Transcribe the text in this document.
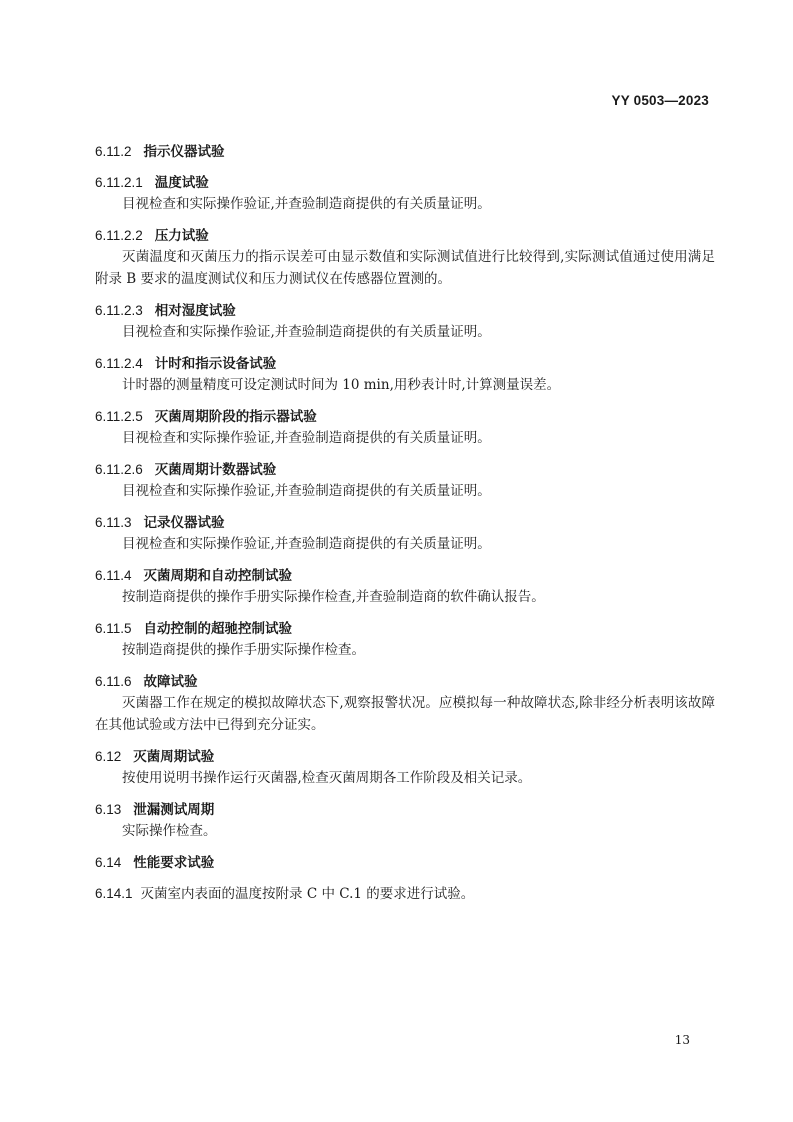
YY 0503—2023
6.11.2 指示仪器试验
6.11.2.1 温度试验

目视检查和实际操作验证,并查验制造商提供的有关质量证明。

6.11.2.2 压力试验

灭菌温度和灭菌压力的指示误差可由显示数值和实际测试值进行比较得到,实际测试值通过使用满足附录 B 要求的温度测试仪和压力测试仪在传感器位置测的。

6.11.2.3 相对湿度试验

目视检查和实际操作验证,并查验制造商提供的有关质量证明。

6.11.2.4 计时和指示设备试验

计时器的测量精度可设定测试时间为 10 min,用秒表计时,计算测量误差。

6.11.2.5 灭菌周期阶段的指示器试验

目视检查和实际操作验证,并查验制造商提供的有关质量证明。

6.11.2.6 灭菌周期计数器试验

目视检查和实际操作验证,并查验制造商提供的有关质量证明。

6.11.3 记录仪器试验

目视检查和实际操作验证,并查验制造商提供的有关质量证明。

6.11.4 灭菌周期和自动控制试验

按制造商提供的操作手册实际操作检查,并查验制造商的软件确认报告。

6.11.5 自动控制的超驰控制试验

按制造商提供的操作手册实际操作检查。

6.11.6 故障试验

灭菌器工作在规定的模拟故障状态下,观察报警状况。应模拟每一种故障状态,除非经分析表明该故障在其他试验或方法中已得到充分证实。

6.12 灭菌周期试验

按使用说明书操作运行灭菌器,检查灭菌周期各工作阶段及相关记录。

6.13 泄漏测试周期

实际操作检查。

6.14 性能要求试验
6.14.1 灭菌室内表面的温度按附录 C 中 C.1 的要求进行试验。
13
